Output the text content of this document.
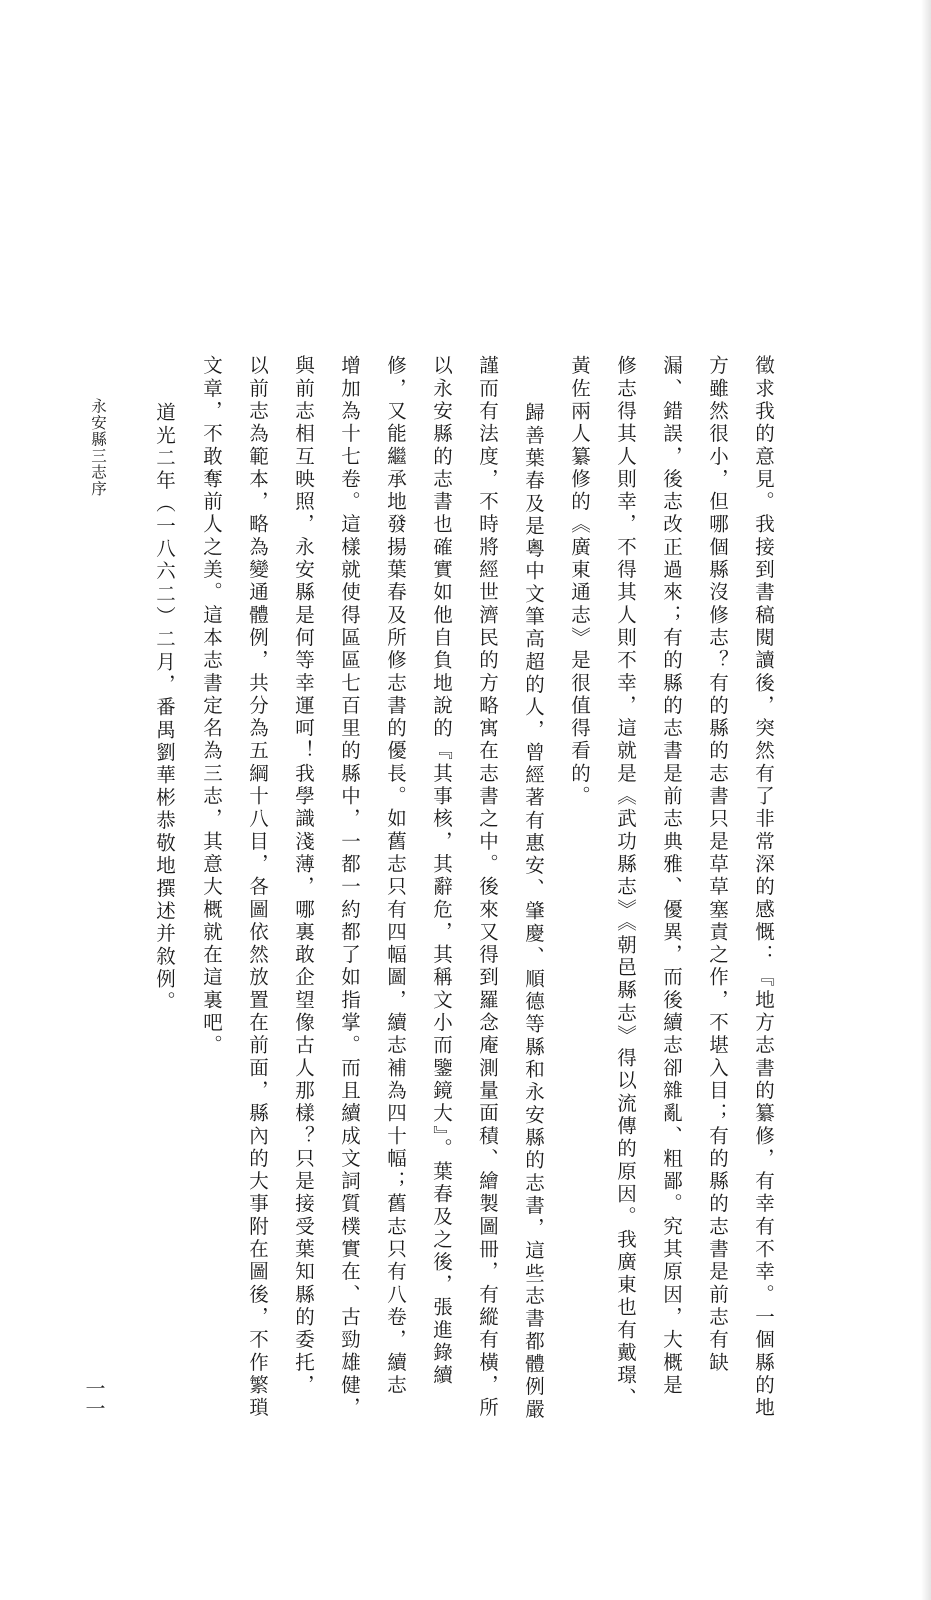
徵求我的意見。我接到書稿閱讀後，突然有了非常深的感慨：『地方志書的纂修，有幸有不幸。一個縣的地

方雖然很小，但哪個縣沒修志？有的縣的志書只是草草塞責之作，不堪入目；有的縣的志書是前志有缺

漏、錯誤，後志改正過來；有的縣的志書是前志典雅、優異，而後續志卻雜亂、粗鄙。究其原因，大概是

修志得其人則幸，不得其人則不幸，這就是《武功縣志》《朝邑縣志》得以流傳的原因。我廣東也有戴璟、

黃佐兩人纂修的《廣東通志》是很值得看的。

歸善葉春及是粵中文筆高超的人，曾經著有惠安、肇慶、順德等縣和永安縣的志書，這些志書都體例嚴

謹而有法度，不時將經世濟民的方略寓在志書之中。後來又得到羅念庵測量面積、繪製圖冊，有縱有橫，所

以永安縣的志書也確實如他自負地說的『其事核，其辭危，其稱文小而鑒鏡大』。葉春及之後，張進錄續

修，又能繼承地發揚葉春及所修志書的優長。如舊志只有四幅圖，續志補為四十幅；舊志只有八卷，續志

增加為十七卷。這樣就使得區區七百里的縣中，一都一約都了如指掌。而且續成文詞質樸實在、古勁雄健，

與前志相互映照，永安縣是何等幸運呵！我學識淺薄，哪裏敢企望像古人那樣？只是接受葉知縣的委托，

以前志為範本，略為變通體例，共分為五綱十八目，各圖依然放置在前面，縣內的大事附在圖後，不作繁瑣

文章，不敢奪前人之美。這本志書定名為三志，其意大概就在這裏吧。

道光二年（一八六二）二月，番禺劉華彬恭敬地撰述并敘例。

永安縣三志序

一一
